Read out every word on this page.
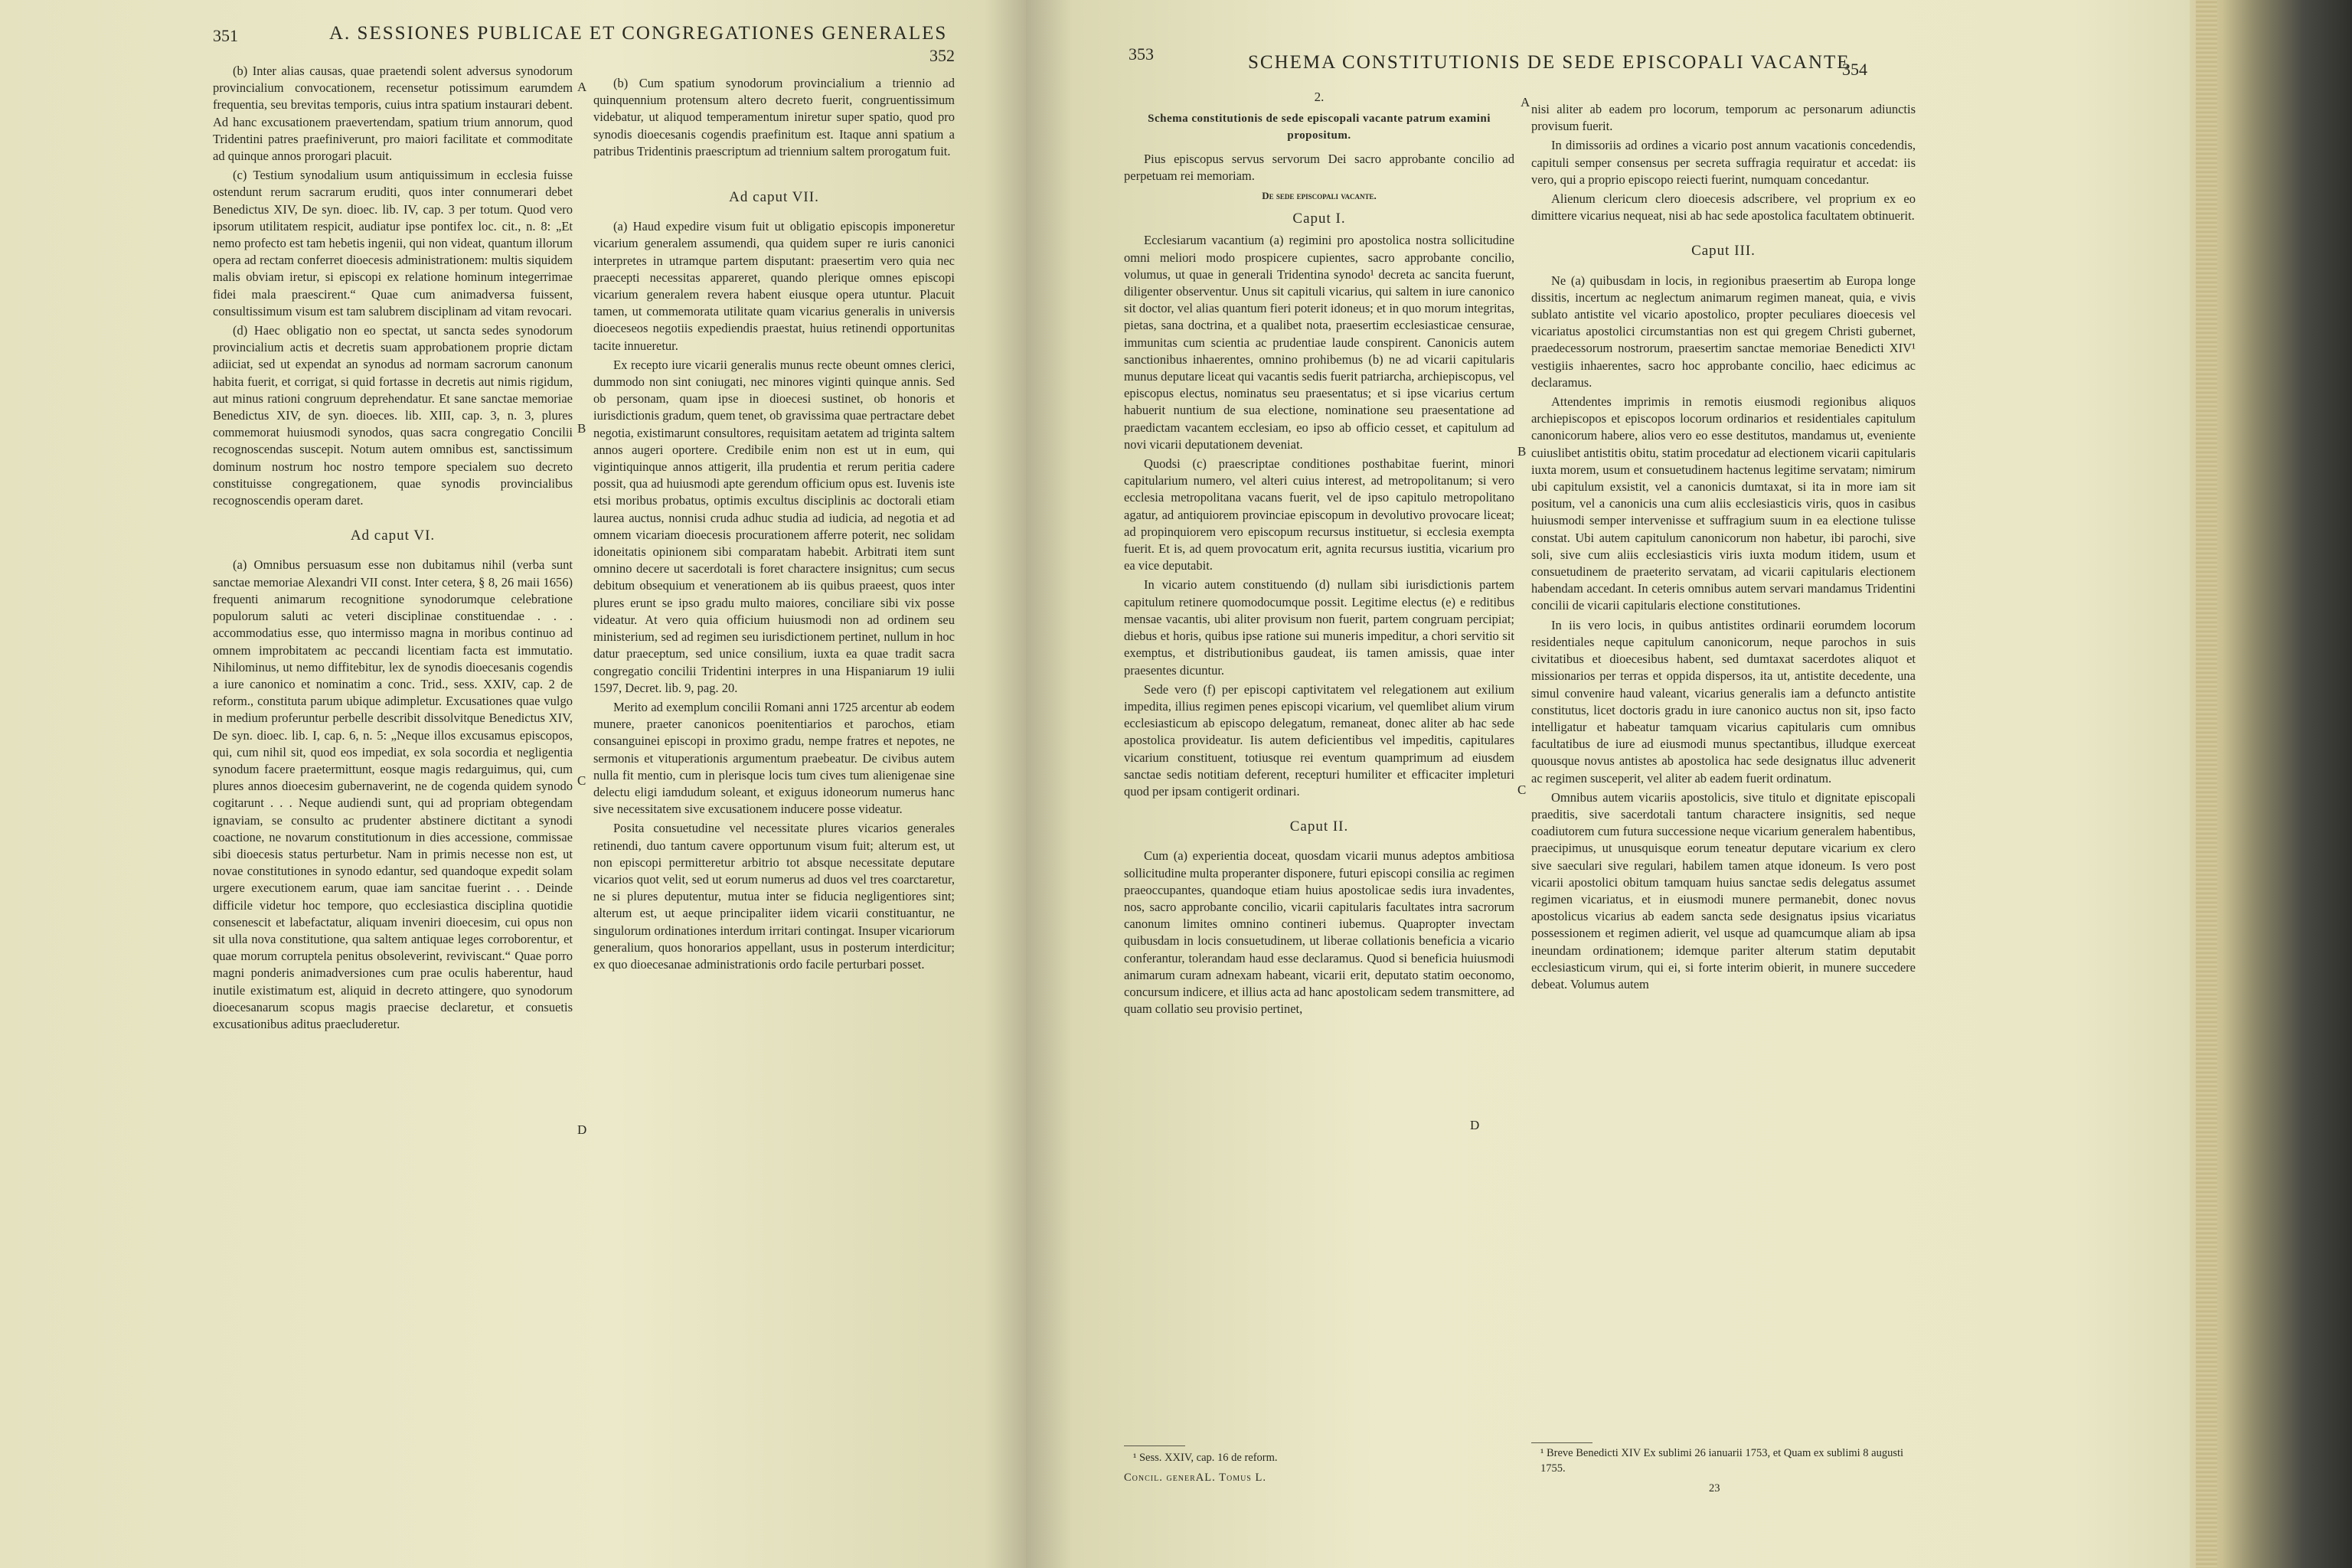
351	A. SESSIONES PUBLICAE ET CONGREGATIONES GENERALES
352

(b) Inter alias causas, quae praetendi solent adversus synodorum provincialium convocationem, recensetur potissimum earumdem frequentia, seu brevitas temporis, cuius intra spatium instaurari debent. Ad hanc excusationem praevertendam, spatium trium annorum, quod Tridentini patres praefiniverunt, pro maiori facilitate et commoditate ad quinque annos prorogari placuit.

(c) Testium synodalium usum antiquissimum in ecclesia fuisse ostendunt rerum sacrarum eruditi, quos inter connumerari debet Benedictus XIV, De syn. dioec. lib. IV, cap. 3 per totum. Quod vero ipsorum utilitatem respicit, audiatur ipse pontifex loc. cit., n. 8: „Et nemo profecto est tam hebetis ingenii, qui non videat, quantum illorum opera ad rectam conferret dioecesis administrationem: multis siquidem malis obviam iretur, si episcopi ex relatione hominum integerrimae fidei mala praescirent.“ Quae cum animadversa fuissent, consultissimum visum est tam salubrem disciplinam ad vitam revocari.

(d) Haec obligatio non eo spectat, ut sancta sedes synodorum provincialium actis et decretis suam approbationem proprie dictam adiiciat, sed ut expendat an synodus ad normam sacrorum canonum habita fuerit, et corrigat, si quid fortasse in decretis aut nimis rigidum, aut minus rationi congruum deprehendatur. Et sane sanctae memoriae Benedictus XIV, de syn. dioeces. lib. XIII, cap. 3, n. 3, plures commemorat huiusmodi synodos, quas sacra congregatio Concilii recognoscendas suscepit. Notum autem omnibus est, sanctissimum dominum nostrum hoc nostro tempore specialem suo decreto constituisse congregationem, quae synodis provincialibus recognoscendis operam daret.

Ad caput VI.

(a) Omnibus persuasum esse non dubitamus nihil (verba sunt sanctae memoriae Alexandri VII const. Inter cetera, § 8, 26 maii 1656) frequenti animarum recognitione synodorumque celebratione populorum saluti ac veteri disciplinae constituendae . . . accommodatius esse, quo intermisso magna in moribus continuo ad omnem improbitatem ac peccandi licentiam facta est immutatio. Nihilominus, ut nemo diffitebitur, lex de synodis dioecesanis cogendis a iure canonico et nominatim a conc. Trid., sess. XXIV, cap. 2 de reform., constituta parum ubique adimpletur. Excusationes quae vulgo in medium proferuntur perbelle describit dissolvitque Benedictus XIV, De syn. dioec. lib. I, cap. 6, n. 5: „Neque illos excusamus episcopos, qui, cum nihil sit, quod eos impediat, ex sola socordia et negligentia synodum facere praetermittunt, eosque magis redarguimus, qui, cum plures annos dioecesim gubernaverint, ne de cogenda quidem synodo cogitarunt . . . Neque audiendi sunt, qui ad propriam obtegendam ignaviam, se consulto ac prudenter abstinere dictitant a synodi coactione, ne novarum constitutionum in dies accessione, commissae sibi dioecesis status perturbetur. Nam in primis necesse non est, ut novae constitutiones in synodo edantur, sed quandoque expedit solam urgere executionem earum, quae iam sancitae fuerint . . . Deinde difficile videtur hoc tempore, quo ecclesiastica disciplina quotidie consenescit et labefactatur, aliquam inveniri dioecesim, cui opus non sit ulla nova constitutione, qua saltem antiquae leges corroborentur, et quae morum corruptela penitus obsoleverint, reviviscant.“ Quae porro magni ponderis animadversiones cum prae oculis haberentur, haud inutile existimatum est, aliquid in decreto attingere, quo synodorum dioecesanarum scopus magis praecise declaretur, et consuetis excusationibus aditus praecluderetur.

(b) Cum spatium synodorum provincialium a triennio ad quinquennium protensum altero decreto fuerit, congruentissimum videbatur, ut aliquod temperamentum iniretur super spatio, quod pro synodis dioecesanis cogendis praefinitum est. Itaque anni spatium a patribus Tridentinis praescriptum ad triennium saltem prorogatum fuit.

Ad caput VII.

(a) Haud expedire visum fuit ut obligatio episcopis imponeretur vicarium generalem assumendi, qua quidem super re iuris canonici interpretes in utramque partem disputant: praesertim vero quia nec praecepti necessitas appareret, quando plerique omnes episcopi vicarium generalem revera habent eiusque opera utuntur. Placuit tamen, ut commemorata utilitate quam vicarius generalis in universis dioeceseos negotiis expediendis praestat, huius retinendi opportunitas tacite innueretur.

Ex recepto iure vicarii generalis munus recte obeunt omnes clerici, dummodo non sint coniugati, nec minores viginti quinque annis. Sed ob personam, quam ipse in dioecesi sustinet, ob honoris et iurisdictionis gradum, quem tenet, ob gravissima quae pertractare debet negotia, existimarunt consultores, requisitam aetatem ad triginta saltem annos augeri oportere. Credibile enim non est ut in eum, qui vigintiquinque annos attigerit, illa prudentia et rerum peritia cadere possit, qua ad huiusmodi apte gerendum officium opus est. Iuvenis iste etsi moribus probatus, optimis excultus disciplinis ac doctorali etiam laurea auctus, nonnisi cruda adhuc studia ad iudicia, ad negotia et ad omnem vicariam dioecesis procurationem afferre poterit, nec solidam idoneitatis opinionem sibi comparatam habebit. Arbitrati item sunt omnino decere ut sacerdotali is foret charactere insignitus; cum secus debitum obsequium et venerationem ab iis quibus praeest, quos inter plures erunt se ipso gradu multo maiores, conciliare sibi vix posse videatur. At vero quia officium huiusmodi non ad ordinem seu ministerium, sed ad regimen seu iurisdictionem pertinet, nullum in hoc datur praeceptum, sed unice consilium, iuxta ea quae tradit sacra congregatio concilii Tridentini interpres in una Hispaniarum 19 iulii 1597, Decret. lib. 9, pag. 20.

Merito ad exemplum concilii Romani anni 1725 arcentur ab eodem munere, praeter canonicos poenitentiarios et parochos, etiam consanguinei episcopi in proximo gradu, nempe fratres et nepotes, ne sermonis et vituperationis argumentum praebeatur. De civibus autem nulla fit mentio, cum in plerisque locis tum cives tum alienigenae sine delectu eligi iamdudum soleant, et exiguus idoneorum numerus hanc sive necessitatem sive excusationem inducere posse videatur.

Posita consuetudine vel necessitate plures vicarios generales retinendi, duo tantum cavere opportunum visum fuit; alterum est, ut non episcopi permitteretur arbitrio tot absque necessitate deputare vicarios quot velit, sed ut eorum numerus ad duos vel tres coarctaretur, ne si plures deputentur, mutua inter se fiducia negligentiores sint; alterum est, ut aeque principaliter iidem vicarii constituantur, ne singulorum ordinationes interdum irritari contingat. Insuper vicariorum generalium, quos honorarios appellant, usus in posterum interdicitur; ex quo dioecesanae administrationis ordo facile perturbari posset.

A
B
C
D
353	SCHEMA CONSTITUTIONIS DE SEDE EPISCOPALI VACANTE
354
2.
Schema constitutionis de sede episcopali vacante patrum examini propositum.

Pius episcopus servus servorum Dei sacro approbante concilio ad perpetuam rei memoriam.

De sede episcopali vacante.
Caput I.

Ecclesiarum vacantium (a) regimini pro apostolica nostra sollicitudine omni meliori modo prospicere cupientes, sacro approbante concilio, volumus, ut quae in generali Tridentina synodo¹ decreta ac sancita fuerunt, diligenter observentur. Unus sit capituli vicarius, qui saltem in iure canonico sit doctor, vel alias quantum fieri poterit idoneus; et in quo morum integritas, pietas, sana doctrina, et a qualibet nota, praesertim ecclesiasticae censurae, immunitas cum scientia ac prudentiae laude conspirent. Canonicis autem sanctionibus inhaerentes, omnino prohibemus (b) ne ad vicarii capitularis munus deputare liceat qui vacantis sedis fuerit patriarcha, archiepiscopus, vel episcopus electus, nominatus seu praesentatus; et si ipse vicarius certum habuerit nuntium de sua electione, nominatione seu praesentatione ad praedictam vacantem ecclesiam, eo ipso ab officio cesset, et capitulum ad novi vicarii deputationem deveniat.

Quodsi (c) praescriptae conditiones posthabitae fuerint, minori capitularium numero, vel alteri cuius interest, ad metropolitanum; si vero ecclesia metropolitana vacans fuerit, vel de ipso capitulo metropolitano agatur, ad antiquiorem provinciae episcopum in devolutivo provocare liceat; ad propinquiorem vero episcopum recursus instituetur, si ecclesia exempta fuerit. Et is, ad quem provocatum erit, agnita recursus iustitia, vicarium pro ea vice deputabit.

In vicario autem constituendo (d) nullam sibi iurisdictionis partem capitulum retinere quomodocumque possit. Legitime electus (e) e reditibus mensae vacantis, ubi aliter provisum non fuerit, partem congruam percipiat; diebus et horis, quibus ipse ratione sui muneris impeditur, a chori servitio sit exemptus, et distributionibus gaudeat, iis tamen amissis, quae inter praesentes dicuntur.

Sede vero (f) per episcopi captivitatem vel relegationem aut exilium impedita, illius regimen penes episcopi vicarium, vel quemlibet alium virum ecclesiasticum ab episcopo delegatum, remaneat, donec aliter ab hac sede apostolica provideatur. Iis autem deficientibus vel impeditis, capitulares vicarium constituent, totiusque rei eventum quamprimum ad eiusdem sanctae sedis notitiam deferent, recepturi humiliter et efficaciter impleturi quod per ipsam contigerit ordinari.

Caput II.

Cum (a) experientia doceat, quosdam vicarii munus adeptos ambitiosa sollicitudine multa properanter disponere, futuri episcopi consilia ac regimen praeoccupantes, quandoque etiam huius apostolicae sedis iura invadentes, nos, sacro approbante concilio, vicarii capitularis facultates intra sacrorum canonum limites omnino contineri iubemus. Quapropter invectam quibusdam in locis consuetudinem, ut liberae collationis beneficia a vicario conferantur, tolerandam haud esse declaramus. Quod si beneficia huiusmodi animarum curam adnexam habeant, vicarii erit, deputato statim oeconomo, concursum indicere, et illius acta ad hanc apostolicam sedem transmittere, ad quam collatio seu provisio pertinet,

nisi aliter ab eadem pro locorum, temporum ac personarum adiunctis provisum fuerit.

In dimissoriis ad ordines a vicario post annum vacationis concedendis, capituli semper consensus per secreta suffragia requiratur et accedat: iis vero, qui a proprio episcopo reiecti fuerint, numquam concedantur.

Alienum clericum clero dioecesis adscribere, vel proprium ex eo dimittere vicarius nequeat, nisi ab hac sede apostolica facultatem obtinuerit.

Caput III.

Ne (a) quibusdam in locis, in regionibus praesertim ab Europa longe dissitis, incertum ac neglectum animarum regimen maneat, quia, e vivis sublato antistite vel vicario apostolico, propter peculiares dioecesis vel vicariatus apostolici circumstantias non est qui gregem Christi gubernet, praedecessorum nostrorum, praesertim sanctae memoriae Benedicti XIV¹ vestigiis inhaerentes, sacro hoc approbante concilio, haec edicimus ac declaramus.

Attendentes imprimis in remotis eiusmodi regionibus aliquos archiepiscopos et episcopos locorum ordinarios et residentiales capitulum canonicorum habere, alios vero eo esse destitutos, mandamus ut, eveniente cuiuslibet antistitis obitu, statim procedatur ad electionem vicarii capitularis iuxta morem, usum et consuetudinem hactenus legitime servatam; nimirum ubi capitulum exsistit, vel a canonicis dumtaxat, si ita in more iam sit positum, vel a canonicis una cum aliis ecclesiasticis viris, quos in casibus huiusmodi semper intervenisse et suffragium suum in ea electione tulisse constat. Ubi autem capitulum canonicorum non habetur, ibi parochi, sive soli, sive cum aliis ecclesiasticis viris iuxta modum itidem, usum et consuetudinem de praeterito servatam, ad vicarii capitularis electionem habendam accedant. In ceteris omnibus autem servari mandamus Tridentini concilii de vicarii capitularis electione constitutiones.

In iis vero locis, in quibus antistites ordinarii eorumdem locorum residentiales neque capitulum canonicorum, neque parochos in suis civitatibus et dioecesibus habent, sed dumtaxat sacerdotes aliquot et missionarios per terras et oppida dispersos, ita ut, antistite decedente, una simul convenire haud valeant, vicarius generalis iam a defuncto antistite constitutus, licet doctoris gradu in iure canonico auctus non sit, ipso facto intelligatur et habeatur tamquam vicarius capitularis cum omnibus facultatibus de iure ad eiusmodi munus spectantibus, illudque exerceat quousque novus antistes ab apostolica hac sede designatus illuc advenerit ac regimen susceperit, vel aliter ab eadem fuerit ordinatum.

Omnibus autem vicariis apostolicis, sive titulo et dignitate episcopali praeditis, sive sacerdotali tantum charactere insignitis, sed neque coadiutorem cum futura successione neque vicarium generalem habentibus, praecipimus, ut unusquisque eorum teneatur deputare vicarium ex clero sive saeculari sive regulari, habilem tamen atque idoneum. Is vero post vicarii apostolici obitum tamquam huius sanctae sedis delegatus assumet regimen vicariatus, et in eiusmodi munere permanebit, donec novus apostolicus vicarius ab eadem sancta sede designatus ipsius vicariatus possessionem et regimen adierit, vel usque ad quamcumque aliam ab ipsa ineundam ordinationem; idemque pariter alterum statim deputabit ecclesiasticum virum, qui ei, si forte interim obierit, in munere succedere debeat. Volumus autem

A
B
C
D
¹ Sess. XXIV, cap. 16 de reform.
Concil. generAL. Tomus L.
¹ Breve Benedicti XIV Ex sublimi 26 ianuarii 1753, et Quam ex sublimi 8 augusti 1755.
23
